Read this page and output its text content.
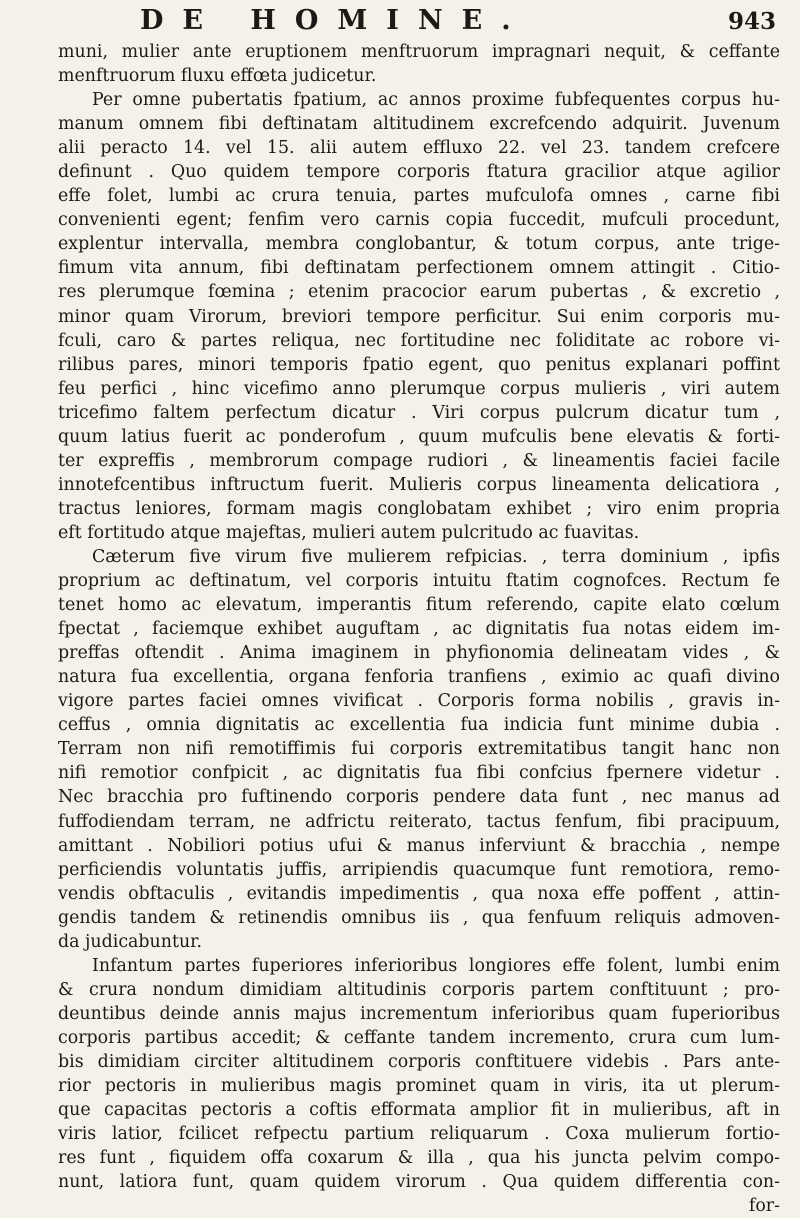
DE HOMINE.	943
muni, mulier ante eruptionem menftruorum impragnari nequit, & ceffante
menftruorum fluxu effœta judicetur.
Per omne pubertatis fpatium, ac annos proxime fubfequentes corpus hu-
manum omnem fibi deftinatam altitudinem excrefcendo adquirit. Juvenum
alii peracto 14. vel 15. alii autem effluxo 22. vel 23. tandem crefcere
definunt . Quo quidem tempore corporis ftatura gracilior atque agilior
effe folet, lumbi ac crura tenuia, partes mufculofa omnes , carne fibi
convenienti egent; fenfim vero carnis copia fuccedit, mufculi procedunt,
explentur intervalla, membra conglobantur, & totum corpus, ante trige-
fimum vita annum, fibi deftinatam perfectionem omnem attingit . Citio-
res plerumque fœmina ; etenim pracocior earum pubertas , & excretio ,
minor quam Virorum, breviori tempore perficitur. Sui enim corporis mu-
fculi, caro & partes reliqua, nec fortitudine nec foliditate ac robore vi-
rilibus pares, minori temporis fpatio egent, quo penitus explanari poffint
feu perfici , hinc vicefimo anno plerumque corpus mulieris , viri autem
tricefimo faltem perfectum dicatur . Viri corpus pulcrum dicatur tum ,
quum latius fuerit ac ponderofum , quum mufculis bene elevatis & forti-
ter expreffis , membrorum compage rudiori , & lineamentis faciei facile
innotefcentibus inftructum fuerit. Mulieris corpus lineamenta delicatiora ,
tractus leniores, formam magis conglobatam exhibet ; viro enim propria
eft fortitudo atque majeftas, mulieri autem pulcritudo ac fuavitas.
Cæterum five virum five mulierem refpicias. , terra dominium , ipfis
proprium ac deftinatum, vel corporis intuitu ftatim cognofces. Rectum fe
tenet homo ac elevatum, imperantis fitum referendo, capite elato cœlum
fpectat , faciemque exhibet auguftam , ac dignitatis fua notas eidem im-
preffas oftendit . Anima imaginem in phyfionomia delineatam vides , &
natura fua excellentia, organa fenforia tranfiens , eximio ac quafi divino
vigore partes faciei omnes vivificat . Corporis forma nobilis , gravis in-
ceffus , omnia dignitatis ac excellentia fua indicia funt minime dubia .
Terram non nifi remotiffimis fui corporis extremitatibus tangit hanc non
nifi remotior confpicit , ac dignitatis fua fibi confcius fpernere videtur .
Nec bracchia pro fuftinendo corporis pendere data funt , nec manus ad
fuffodiendam terram, ne adfrictu reiterato, tactus fenfum, fibi pracipuum,
amittant . Nobiliori potius ufui & manus inferviunt & bracchia , nempe
perficiendis voluntatis juffis, arripiendis quacumque funt remotiora, remo-
vendis obftaculis , evitandis impedimentis , qua noxa effe poffent , attin-
gendis tandem & retinendis omnibus iis , qua fenfuum reliquis admoven-
da judicabuntur.
Infantum partes fuperiores inferioribus longiores effe folent, lumbi enim
& crura nondum dimidiam altitudinis corporis partem conftituunt ; pro-
deuntibus deinde annis majus incrementum inferioribus quam fuperioribus
corporis partibus accedit; & ceffante tandem incremento, crura cum lum-
bis dimidiam circiter altitudinem corporis conftituere videbis . Pars ante-
rior pectoris in mulieribus magis prominet quam in viris, ita ut plerum-
que capacitas pectoris a coftis efformata amplior fit in mulieribus, aft in
viris latior, fcilicet refpectu partium reliquarum . Coxa mulierum fortio-
res funt , fiquidem offa coxarum & illa , qua his juncta pelvim compo-
nunt, latiora funt, quam quidem virorum . Qua quidem differentia con-
for-
